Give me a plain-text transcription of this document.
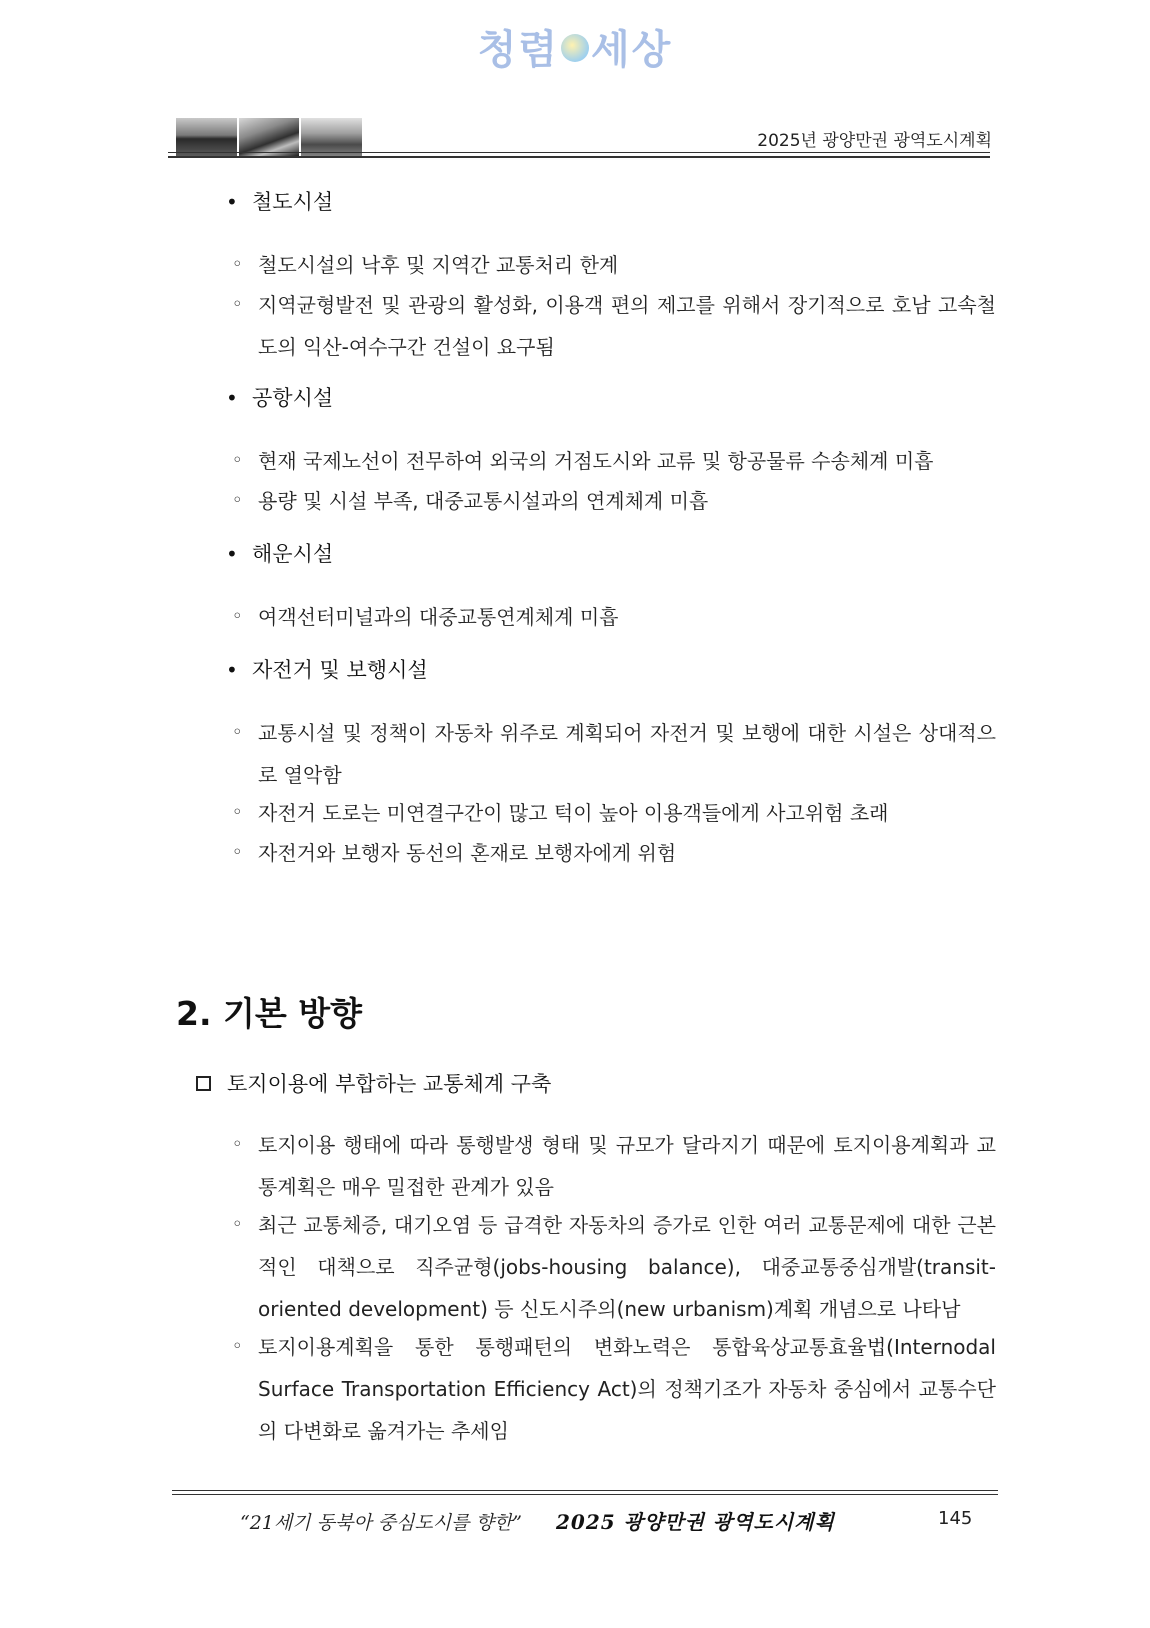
청렴 세상
2025년 광양만권 광역도시계획
• 철도시설
◦ 철도시설의 낙후 및 지역간 교통처리 한계
◦ 지역균형발전 및 관광의 활성화, 이용객 편의 제고를 위해서 장기적으로 호남 고속철도의 익산-여수구간 건설이 요구됨
• 공항시설
◦ 현재 국제노선이 전무하여 외국의 거점도시와 교류 및 항공물류 수송체계 미흡
◦ 용량 및 시설 부족, 대중교통시설과의 연계체계 미흡
• 해운시설
◦ 여객선터미널과의 대중교통연계체계 미흡
• 자전거 및 보행시설
◦ 교통시설 및 정책이 자동차 위주로 계획되어 자전거 및 보행에 대한 시설은 상대적으로 열악함
◦ 자전거 도로는 미연결구간이 많고 턱이 높아 이용객들에게 사고위험 초래
◦ 자전거와 보행자 동선의 혼재로 보행자에게 위험
2. 기본 방향
토지이용에 부합하는 교통체계 구축
◦ 토지이용 행태에 따라 통행발생 형태 및 규모가 달라지기 때문에 토지이용계획과 교통계획은 매우 밀접한 관계가 있음
◦ 최근 교통체증, 대기오염 등 급격한 자동차의 증가로 인한 여러 교통문제에 대한 근본적인 대책으로 직주균형(jobs-housing balance), 대중교통중심개발(transit-oriented development) 등 신도시주의(new urbanism)계획 개념으로 나타남
◦ 토지이용계획을 통한 통행패턴의 변화노력은 통합육상교통효율법(Internodal Surface Transportation Efficiency Act)의 정책기조가 자동차 중심에서 교통수단의 다변화로 옮겨가는 추세임
“21세기 동북아 중심도시를 향한” 2025 광양만권 광역도시계획	145
